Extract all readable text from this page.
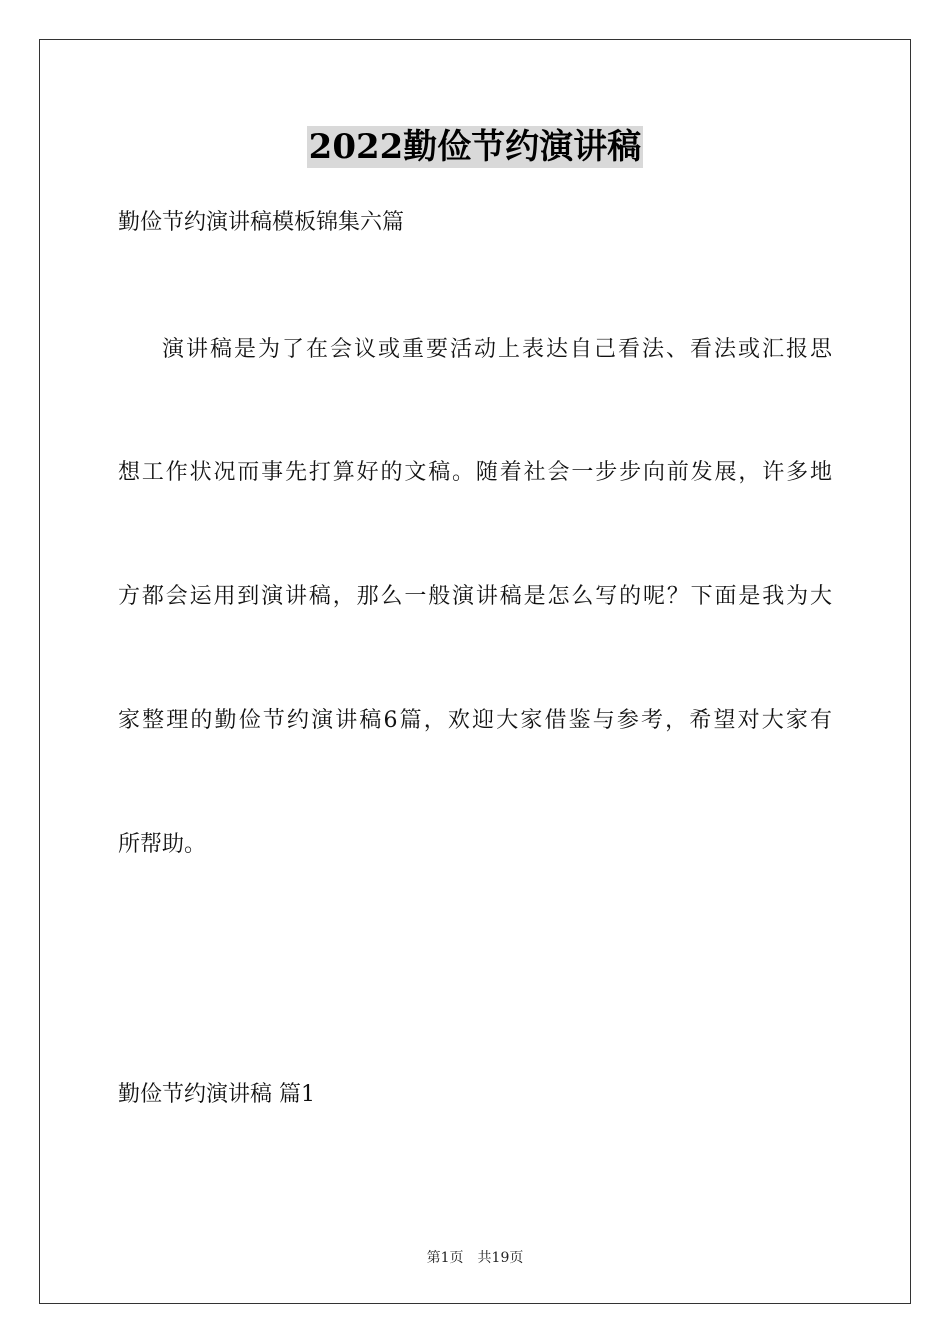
2022勤俭节约演讲稿

勤俭节约演讲稿模板锦集六篇

演讲稿是为了在会议或重要活动上表达自己看法、看法或汇报思

想工作状况而事先打算好的文稿。随着社会一步步向前发展，许多地

方都会运用到演讲稿，那么一般演讲稿是怎么写的呢？下面是我为大

家整理的勤俭节约演讲稿6篇，欢迎大家借鉴与参考，希望对大家有

所帮助。

勤俭节约演讲稿 篇1

第1页 共19页
